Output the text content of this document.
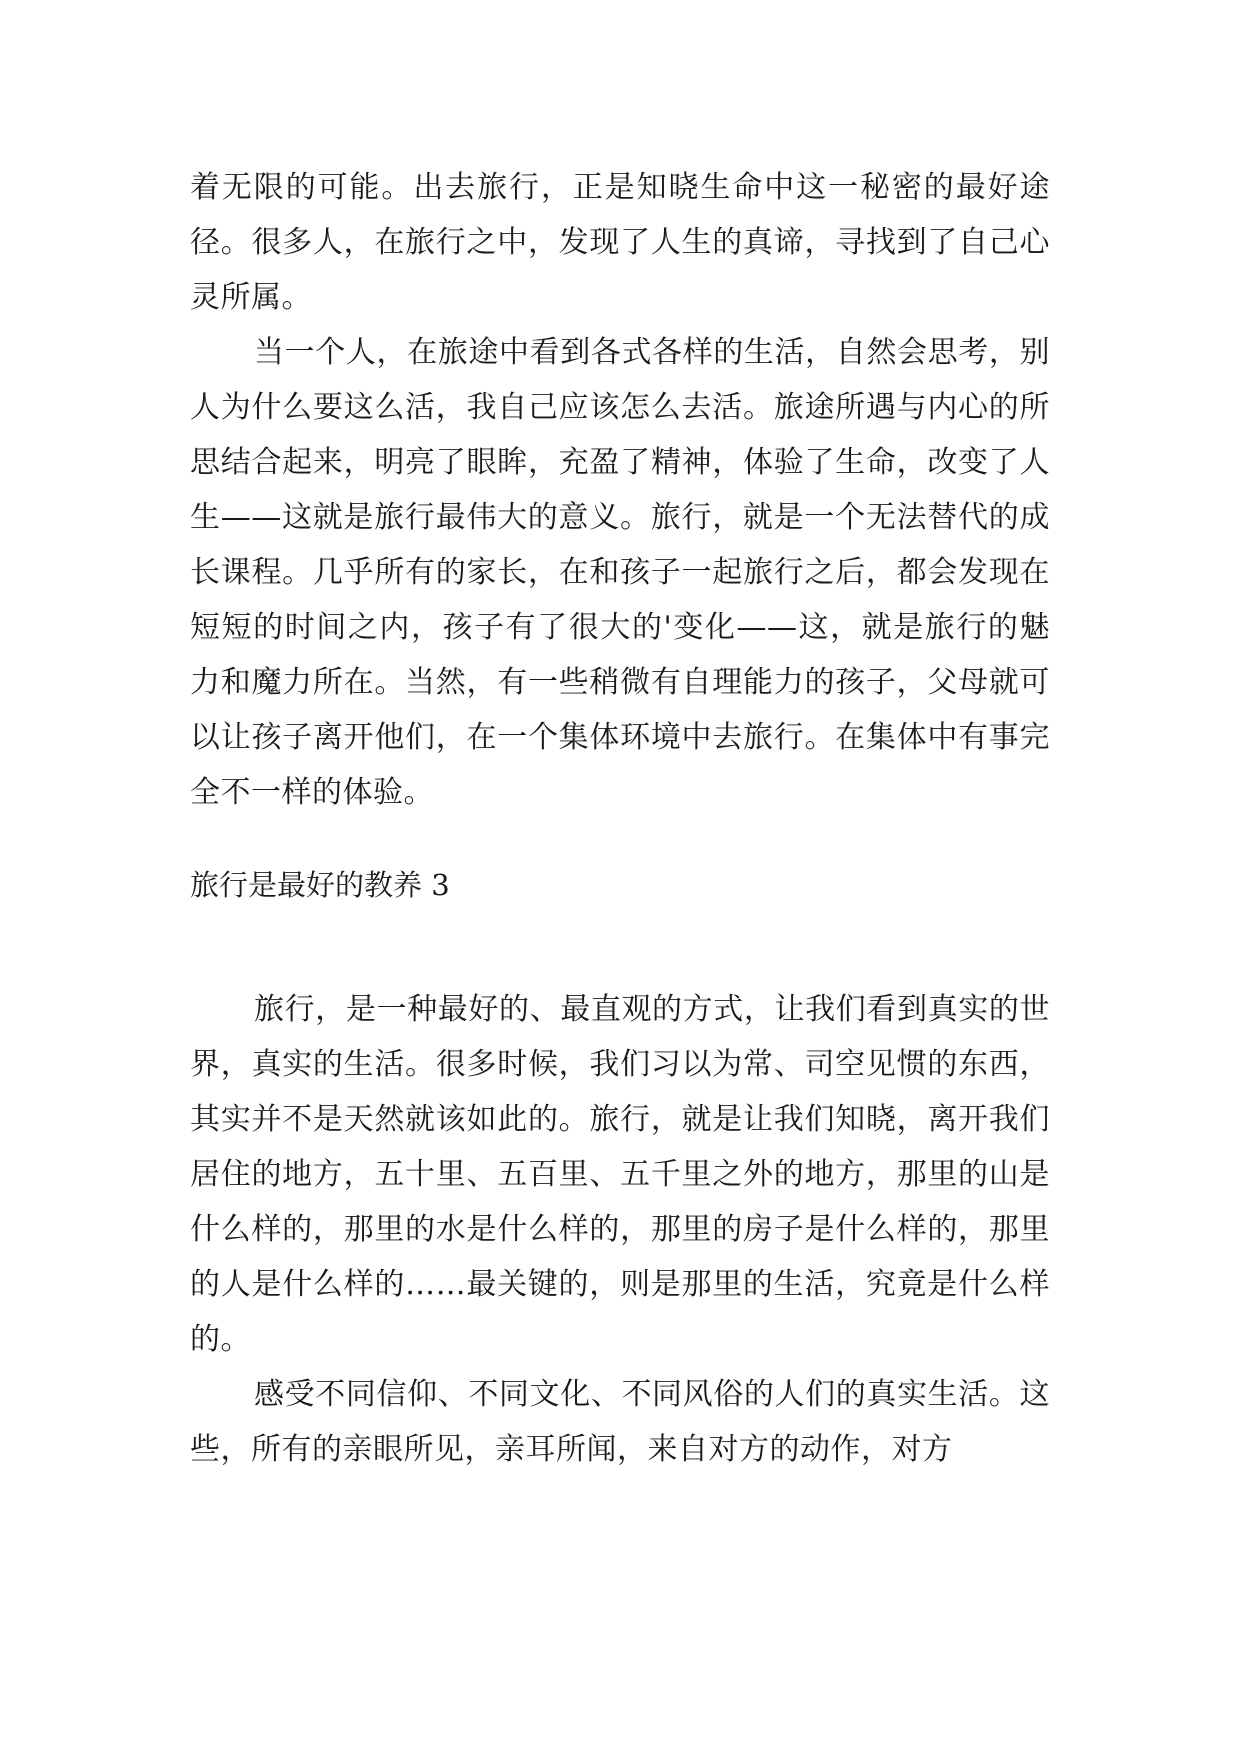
着无限的可能。出去旅行，正是知晓生命中这一秘密的最好途径。很多人，在旅行之中，发现了人生的真谛，寻找到了自己心灵所属。

当一个人，在旅途中看到各式各样的生活，自然会思考，别人为什么要这么活，我自己应该怎么去活。旅途所遇与内心的所思结合起来，明亮了眼眸，充盈了精神，体验了生命，改变了人生——这就是旅行最伟大的意义。旅行，就是一个无法替代的成长课程。几乎所有的家长，在和孩子一起旅行之后，都会发现在短短的时间之内，孩子有了很大的'变化——这，就是旅行的魅力和魔力所在。当然，有一些稍微有自理能力的孩子，父母就可以让孩子离开他们，在一个集体环境中去旅行。在集体中有事完全不一样的体验。

旅行是最好的教养 3

旅行，是一种最好的、最直观的方式，让我们看到真实的世界，真实的生活。很多时候，我们习以为常、司空见惯的东西，其实并不是天然就该如此的。旅行，就是让我们知晓，离开我们居住的地方，五十里、五百里、五千里之外的地方，那里的山是什么样的，那里的水是什么样的，那里的房子是什么样的，那里的人是什么样的……最关键的，则是那里的生活，究竟是什么样的。

感受不同信仰、不同文化、不同风俗的人们的真实生活。这些，所有的亲眼所见，亲耳所闻，来自对方的动作，对方
